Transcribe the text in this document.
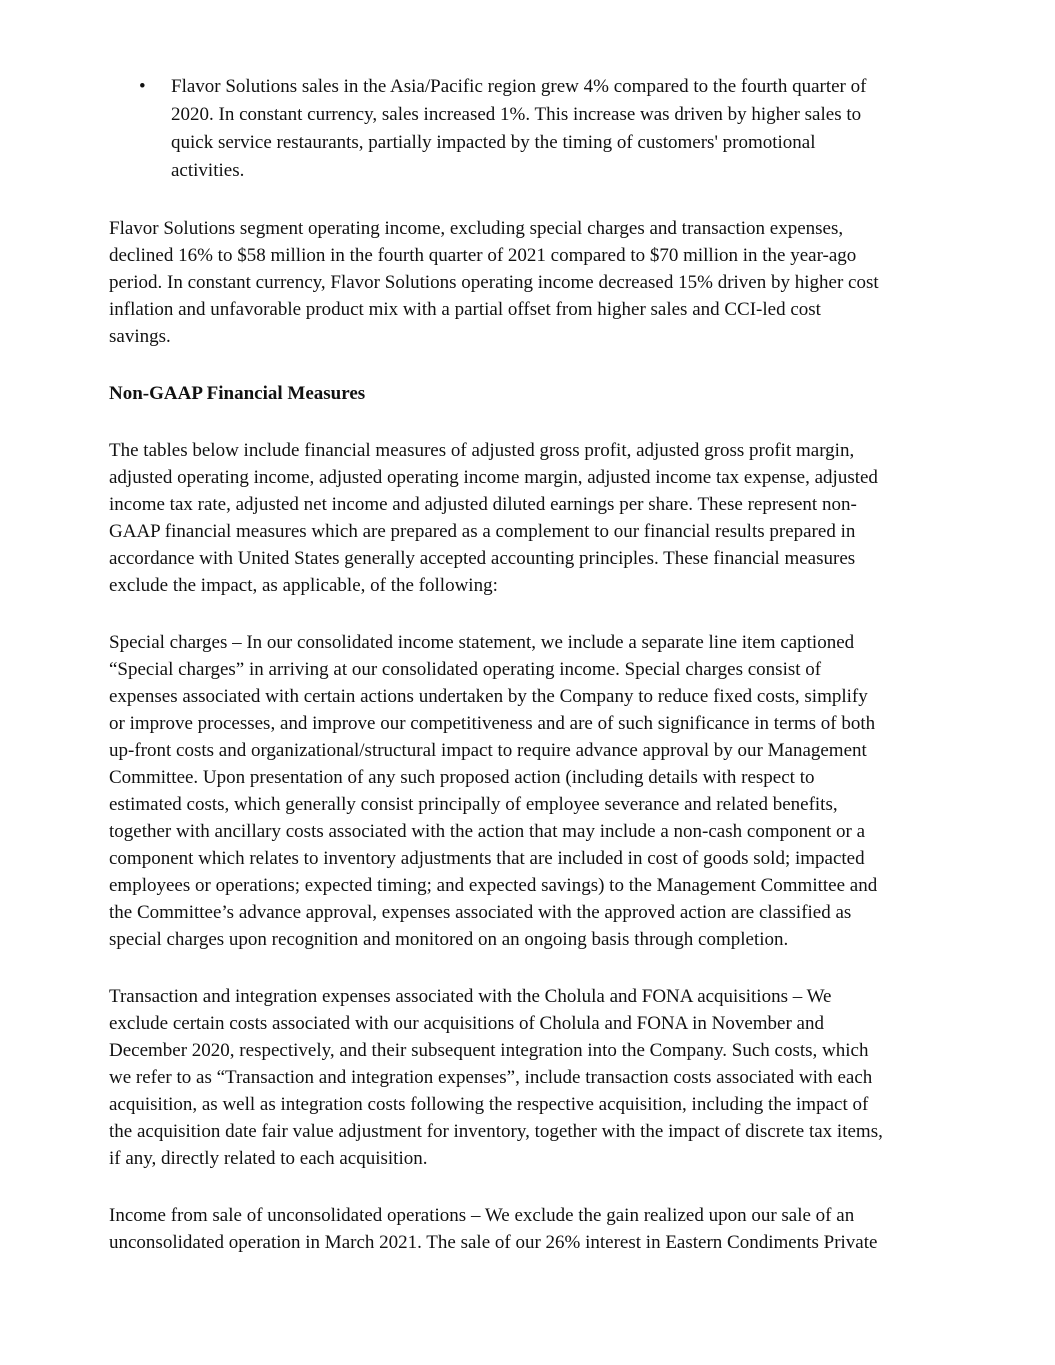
• Flavor Solutions sales in the Asia/Pacific region grew 4% compared to the fourth quarter of
2020. In constant currency, sales increased 1%. This increase was driven by higher sales to
quick service restaurants, partially impacted by the timing of customers' promotional
activities.
Flavor Solutions segment operating income, excluding special charges and transaction expenses,
declined 16% to $58 million in the fourth quarter of 2021 compared to $70 million in the year-ago
period. In constant currency, Flavor Solutions operating income decreased 15% driven by higher cost
inflation and unfavorable product mix with a partial offset from higher sales and CCI-led cost
savings.
Non-GAAP Financial Measures
The tables below include financial measures of adjusted gross profit, adjusted gross profit margin,
adjusted operating income, adjusted operating income margin, adjusted income tax expense, adjusted
income tax rate, adjusted net income and adjusted diluted earnings per share. These represent non-
GAAP financial measures which are prepared as a complement to our financial results prepared in
accordance with United States generally accepted accounting principles. These financial measures
exclude the impact, as applicable, of the following:
Special charges – In our consolidated income statement, we include a separate line item captioned
“Special charges” in arriving at our consolidated operating income. Special charges consist of
expenses associated with certain actions undertaken by the Company to reduce fixed costs, simplify
or improve processes, and improve our competitiveness and are of such significance in terms of both
up-front costs and organizational/structural impact to require advance approval by our Management
Committee. Upon presentation of any such proposed action (including details with respect to
estimated costs, which generally consist principally of employee severance and related benefits,
together with ancillary costs associated with the action that may include a non-cash component or a
component which relates to inventory adjustments that are included in cost of goods sold; impacted
employees or operations; expected timing; and expected savings) to the Management Committee and
the Committee’s advance approval, expenses associated with the approved action are classified as
special charges upon recognition and monitored on an ongoing basis through completion.
Transaction and integration expenses associated with the Cholula and FONA acquisitions – We
exclude certain costs associated with our acquisitions of Cholula and FONA in November and
December 2020, respectively, and their subsequent integration into the Company. Such costs, which
we refer to as “Transaction and integration expenses”, include transaction costs associated with each
acquisition, as well as integration costs following the respective acquisition, including the impact of
the acquisition date fair value adjustment for inventory, together with the impact of discrete tax items,
if any, directly related to each acquisition.
Income from sale of unconsolidated operations – We exclude the gain realized upon our sale of an
unconsolidated operation in March 2021. The sale of our 26% interest in Eastern Condiments Private
